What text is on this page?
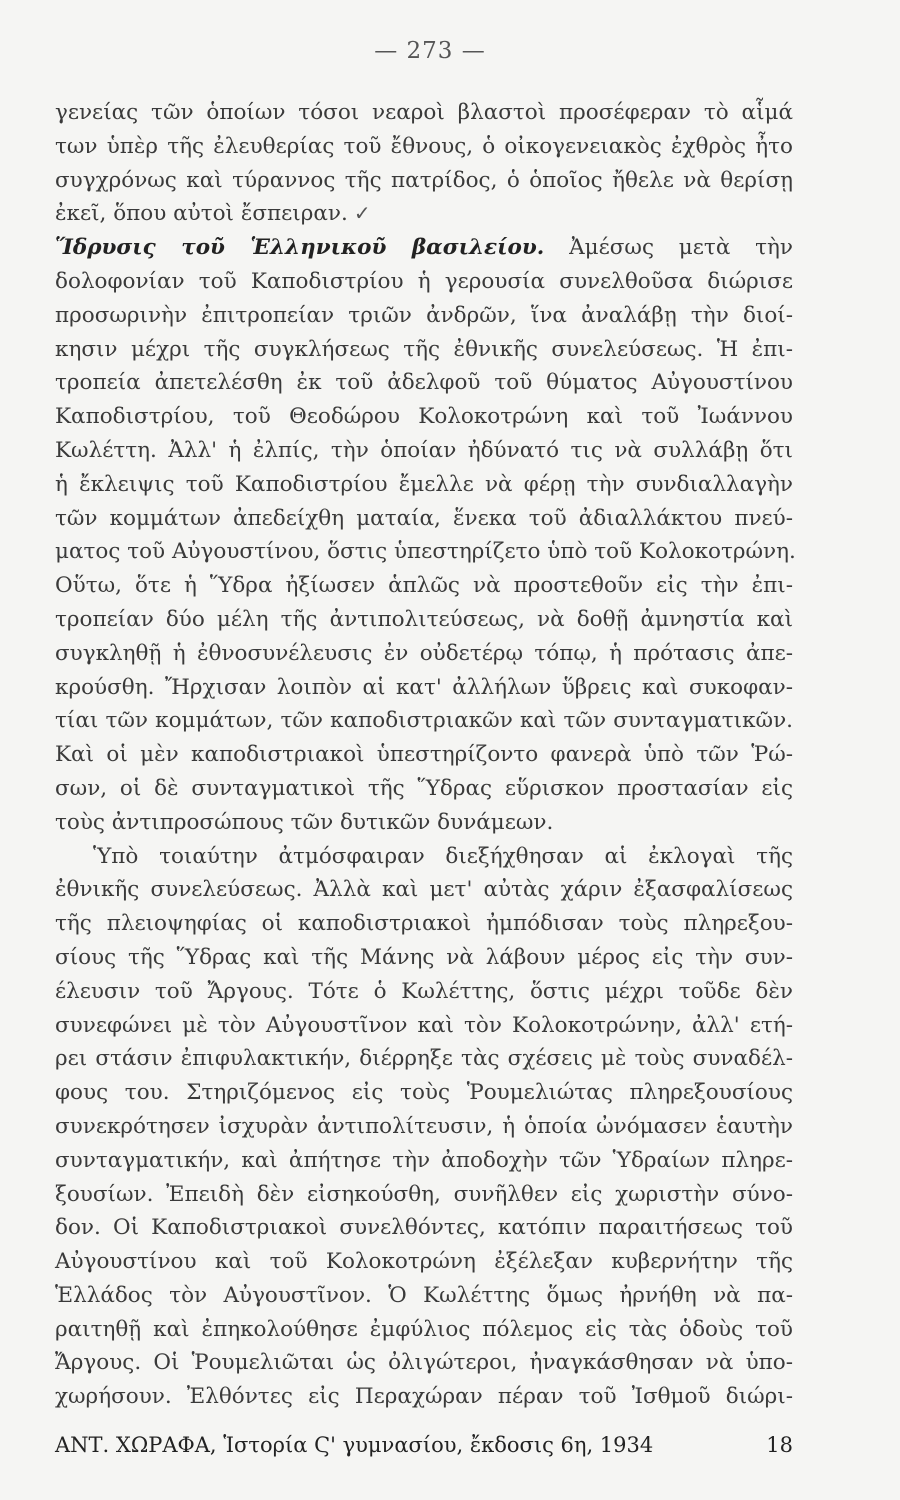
— 273 —
γενείας τῶν ὁποίων τόσοι νεαροὶ βλαστοὶ προσέφεραν τὸ αἷμά
των ὑπὲρ τῆς ἐλευθερίας τοῦ ἔθνους, ὁ οἰκογενειακὸς ἐχθρὸς ἦτο
συγχρόνως καὶ τύραννος τῆς πατρίδος, ὁ ὁποῖος ἤθελε νὰ θερίσῃ
ἐκεῖ, ὅπου αὐτοὶ ἔσπειραν. ✓
Ἵδρυσις τοῦ Ἑλληνικοῦ βασιλείου. Ἀμέσως μετὰ τὴν
δολοφονίαν τοῦ Καποδιστρίου ἡ γερουσία συνελθοῦσα διώρισε
προσωρινὴν ἐπιτροπείαν τριῶν ἀνδρῶν, ἵνα ἀναλάβῃ τὴν διοί-
κησιν μέχρι τῆς συγκλήσεως τῆς ἐθνικῆς συνελεύσεως. Ἡ ἐπι-
τροπεία ἀπετελέσθη ἐκ τοῦ ἀδελφοῦ τοῦ θύματος Αὐγουστίνου
Καποδιστρίου, τοῦ Θεοδώρου Κολοκοτρώνη καὶ τοῦ Ἰωάννου
Κωλέττη. Ἀλλ' ἡ ἐλπίς, τὴν ὁποίαν ἠδύνατό τις νὰ συλλάβῃ ὅτι
ἡ ἔκλειψις τοῦ Καποδιστρίου ἔμελλε νὰ φέρῃ τὴν συνδιαλλαγὴν
τῶν κομμάτων ἀπεδείχθη ματαία, ἕνεκα τοῦ ἀδιαλλάκτου πνεύ-
ματος τοῦ Αὐγουστίνου, ὅστις ὑπεστηρίζετο ὑπὸ τοῦ Κολοκοτρώνη.
Οὕτω, ὅτε ἡ Ὕδρα ἠξίωσεν ἁπλῶς νὰ προστεθοῦν εἰς τὴν ἐπι-
τροπείαν δύο μέλη τῆς ἀντιπολιτεύσεως, νὰ δοθῇ ἀμνηστία καὶ
συγκληθῇ ἡ ἐθνοσυνέλευσις ἐν οὐδετέρῳ τόπῳ, ἡ πρότασις ἀπε-
κρούσθη. Ἤρχισαν λοιπὸν αἱ κατ' ἀλλήλων ὕβρεις καὶ συκοφαν-
τίαι τῶν κομμάτων, τῶν καποδιστριακῶν καὶ τῶν συνταγματικῶν.
Καὶ οἱ μὲν καποδιστριακοὶ ὑπεστηρίζοντο φανερὰ ὑπὸ τῶν Ῥώ-
σων, οἱ δὲ συνταγματικοὶ τῆς Ὕδρας εὕρισκον προστασίαν εἰς
τοὺς ἀντιπροσώπους τῶν δυτικῶν δυνάμεων.
Ὑπὸ τοιαύτην ἀτμόσφαιραν διεξήχθησαν αἱ ἐκλογαὶ τῆς
ἐθνικῆς συνελεύσεως. Ἀλλὰ καὶ μετ' αὐτὰς χάριν ἐξασφαλίσεως
τῆς πλειοψηφίας οἱ καποδιστριακοὶ ἠμπόδισαν τοὺς πληρεξου-
σίους τῆς Ὕδρας καὶ τῆς Μάνης νὰ λάβουν μέρος εἰς τὴν συν-
έλευσιν τοῦ Ἄργους. Τότε ὁ Κωλέττης, ὅστις μέχρι τοῦδε δὲν
συνεφώνει μὲ τὸν Αὐγουστῖνον καὶ τὸν Κολοκοτρώνην, ἀλλ' ετή-
ρει στάσιν ἐπιφυλακτικήν, διέρρηξε τὰς σχέσεις μὲ τοὺς συναδέλ-
φους του. Στηριζόμενος εἰς τοὺς Ῥουμελιώτας πληρεξουσίους
συνεκρότησεν ἰσχυρὰν ἀντιπολίτευσιν, ἡ ὁποία ὠνόμασεν ἑαυτὴν
συνταγματικήν, καὶ ἀπήτησε τὴν ἀποδοχὴν τῶν Ὑδραίων πληρε-
ξουσίων. Ἐπειδὴ δὲν εἰσηκούσθη, συνῆλθεν εἰς χωριστὴν σύνο-
δον. Οἱ Καποδιστριακοὶ συνελθόντες, κατόπιν παραιτήσεως τοῦ
Αὐγουστίνου καὶ τοῦ Κολοκοτρώνη ἐξέλεξαν κυβερνήτην τῆς
Ἑλλάδος τὸν Αὐγουστῖνον. Ὁ Κωλέττης ὅμως ἠρνήθη νὰ πα-
ραιτηθῇ καὶ ἐπηκολούθησε ἐμφύλιος πόλεμος εἰς τὰς ὁδοὺς τοῦ
Ἄργους. Οἱ Ῥουμελιῶται ὡς ὀλιγώτεροι, ἠναγκάσθησαν νὰ ὑπο-
χωρήσουν. Ἐλθόντες εἰς Περαχώραν πέραν τοῦ Ἰσθμοῦ διώρι-
ΑΝΤ. ΧΩΡΑΦΑ, Ἱστορία Ϛ' γυμνασίου, ἔκδοσις 6η, 1934	18
